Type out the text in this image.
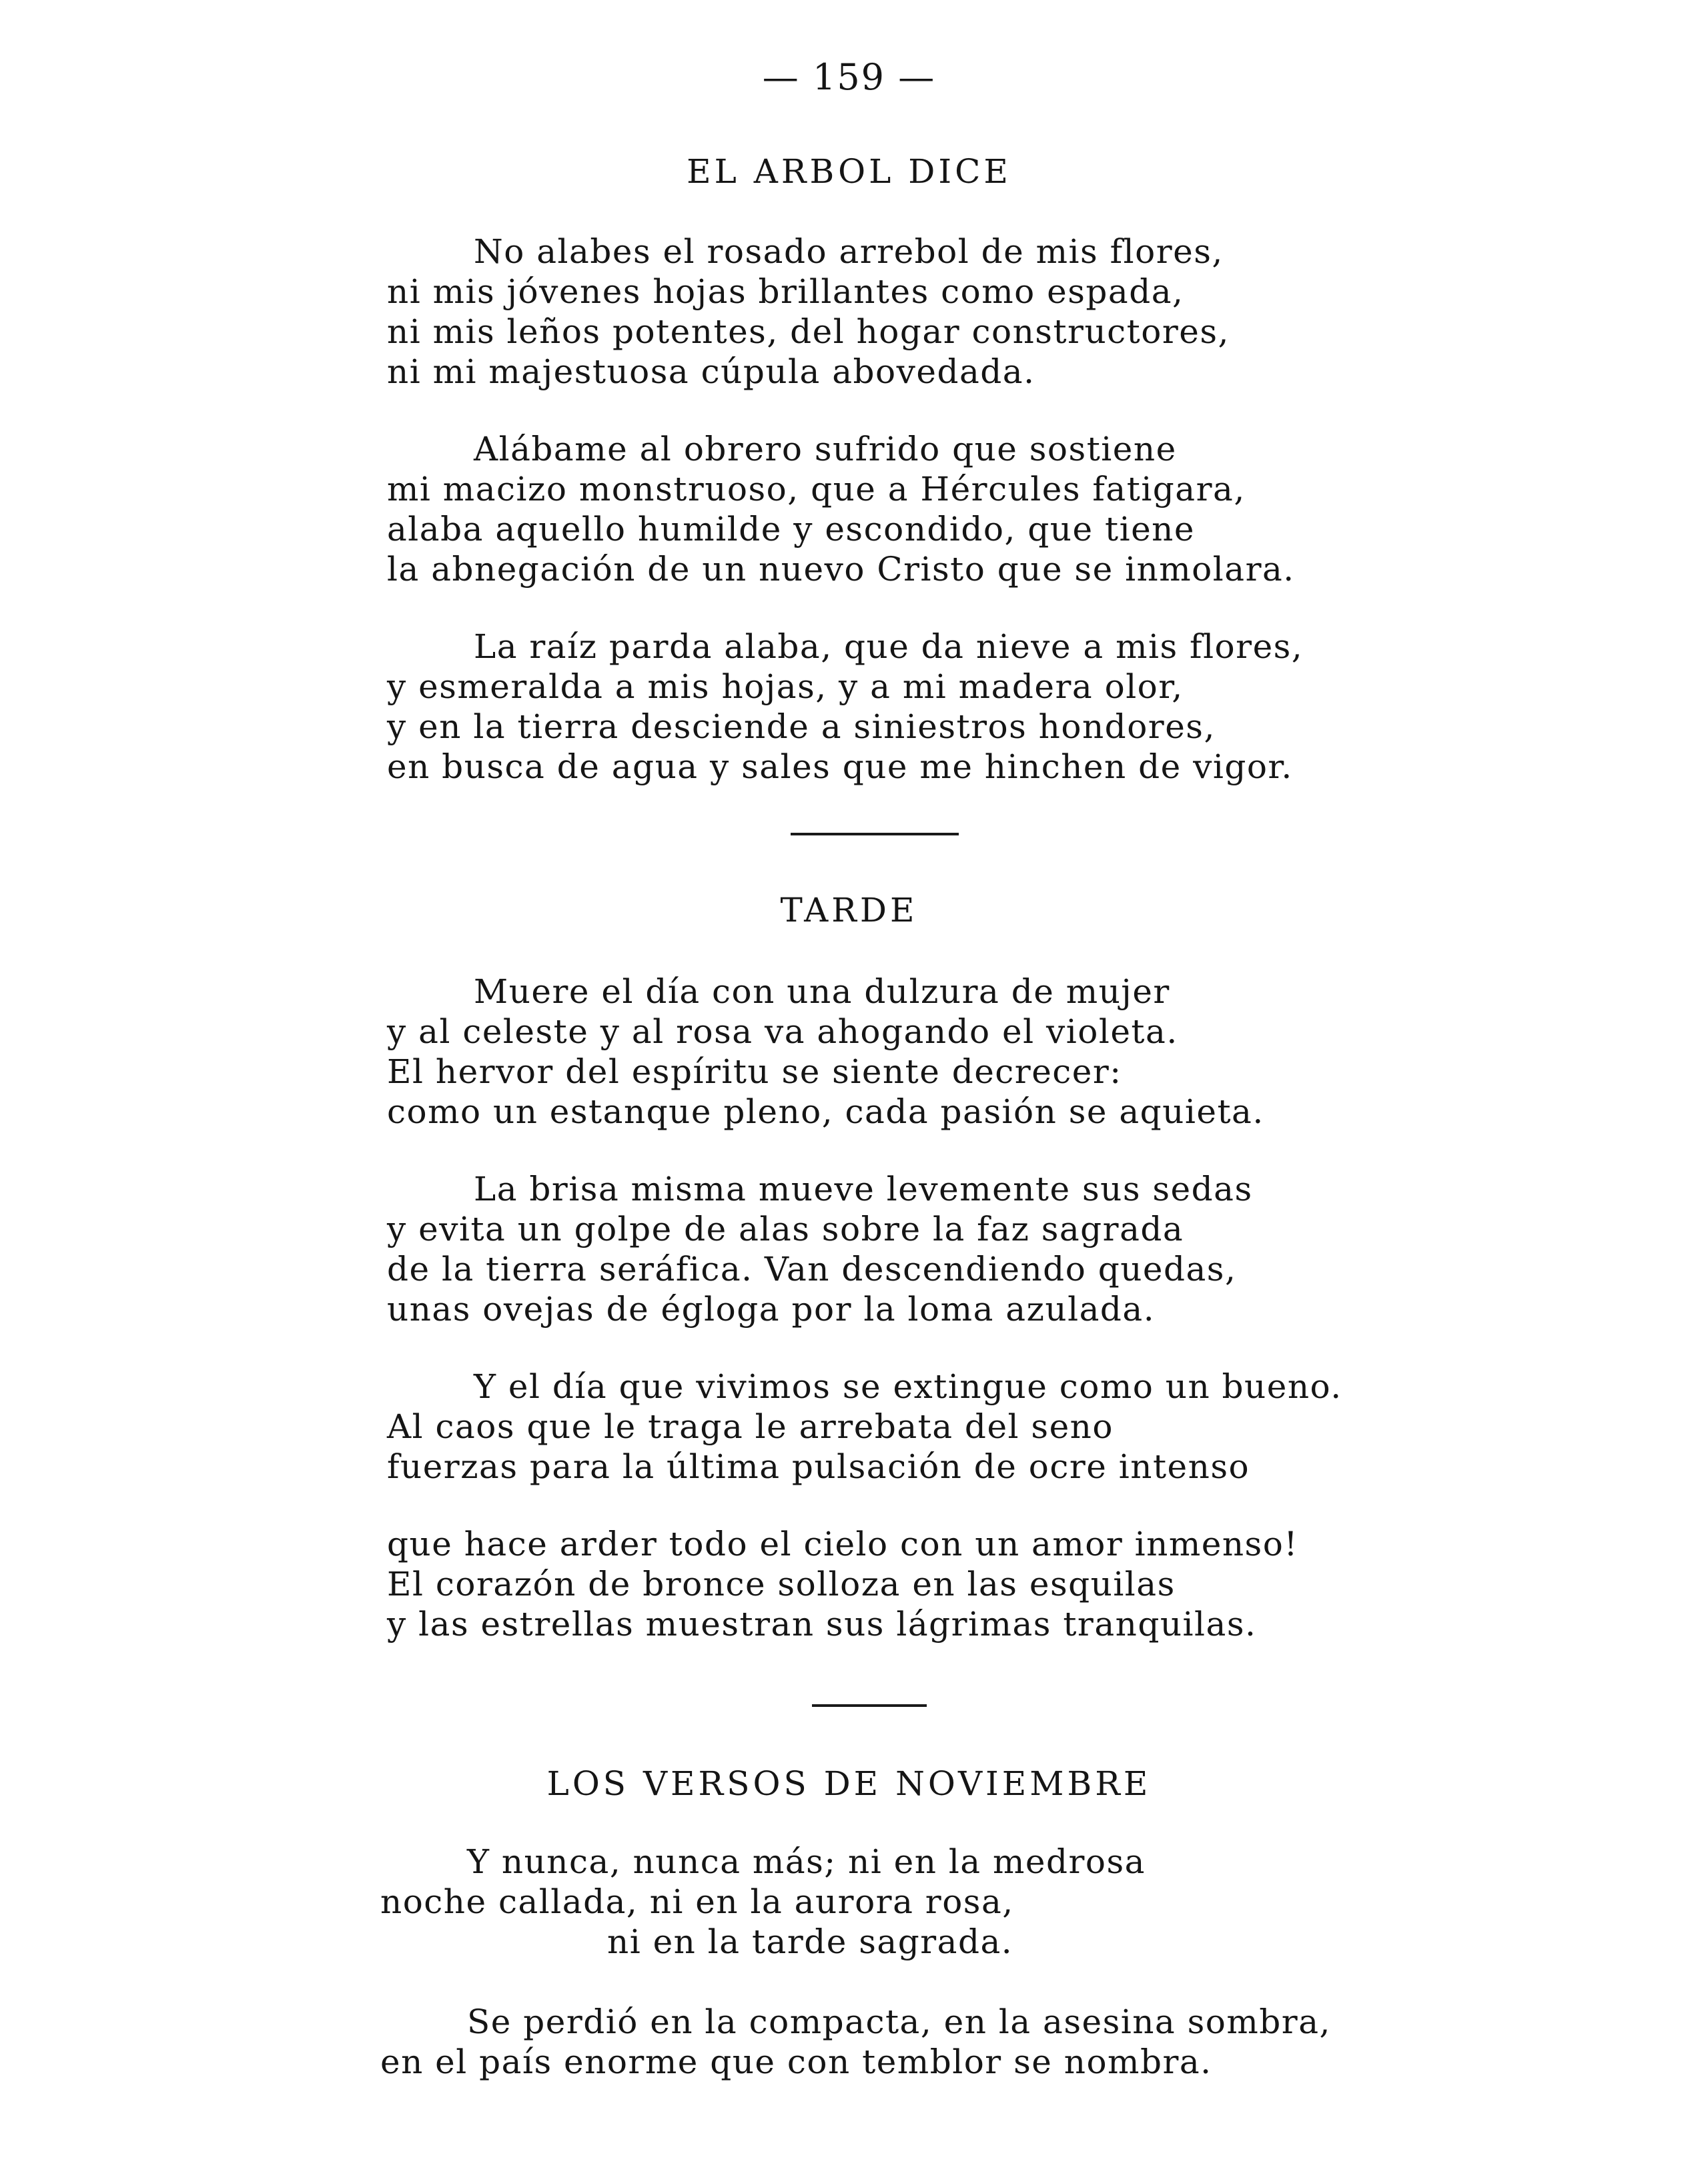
— 159 —
EL ARBOL DICE
No alabes el rosado arrebol de mis flores,
ni mis jóvenes hojas brillantes como espada,
ni mis leños potentes, del hogar constructores,
ni mi majestuosa cúpula abovedada.
Alábame al obrero sufrido que sostiene
mi macizo monstruoso, que a Hércules fatigara,
alaba aquello humilde y escondido, que tiene
la abnegación de un nuevo Cristo que se inmolara.
La raíz parda alaba, que da nieve a mis flores,
y esmeralda a mis hojas, y a mi madera olor,
y en la tierra desciende a siniestros hondores,
en busca de agua y sales que me hinchen de vigor.
TARDE
Muere el día con una dulzura de mujer
y al celeste y al rosa va ahogando el violeta.
El hervor del espíritu se siente decrecer:
como un estanque pleno, cada pasión se aquieta.
La brisa misma mueve levemente sus sedas
y evita un golpe de alas sobre la faz sagrada
de la tierra seráfica. Van descendiendo quedas,
unas ovejas de égloga por la loma azulada.
Y el día que vivimos se extingue como un bueno.
Al caos que le traga le arrebata del seno
fuerzas para la última pulsación de ocre intenso
que hace arder todo el cielo con un amor inmenso!
El corazón de bronce solloza en las esquilas
y las estrellas muestran sus lágrimas tranquilas.
LOS VERSOS DE NOVIEMBRE
Y nunca, nunca más; ni en la medrosa
noche callada, ni en la aurora rosa,
ni en la tarde sagrada.
Se perdió en la compacta, en la asesina sombra,
en el país enorme que con temblor se nombra.
